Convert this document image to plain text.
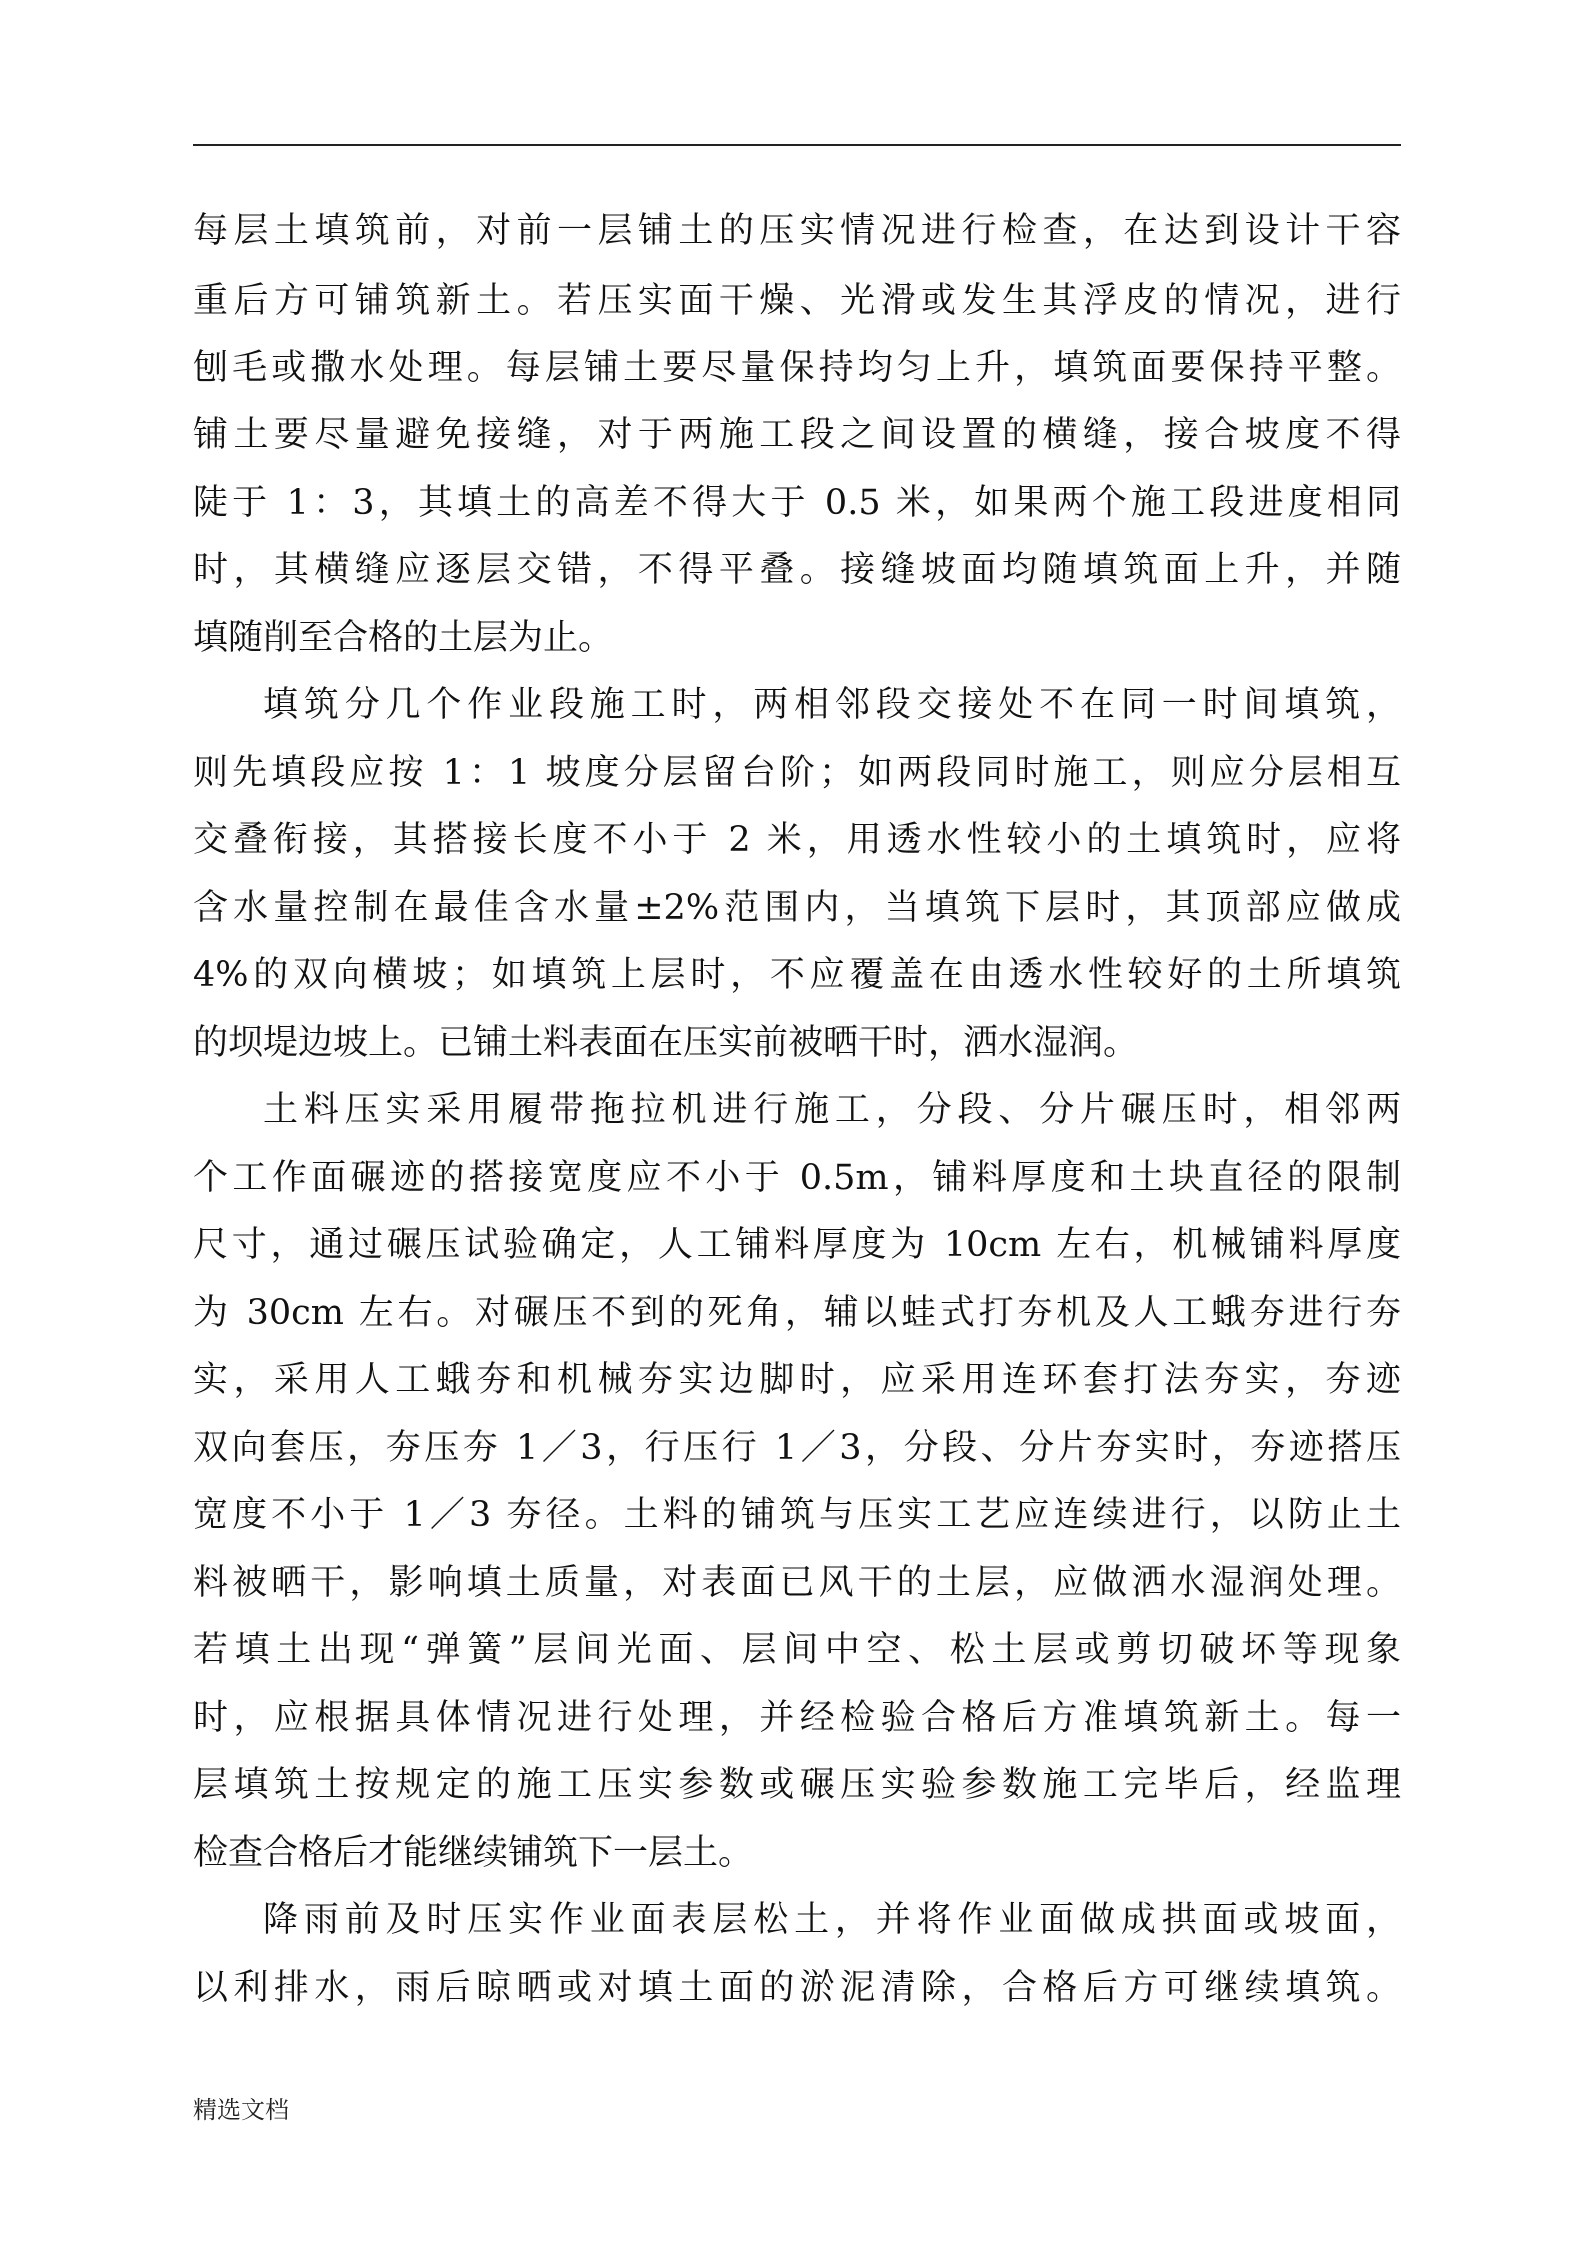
每层土填筑前，对前一层铺土的压实情况进行检查，在达到设计干容
重后方可铺筑新土。若压实面干燥、光滑或发生其浮皮的情况，进行
刨毛或撒水处理。每层铺土要尽量保持均匀上升，填筑面要保持平整。
铺土要尽量避免接缝，对于两施工段之间设置的横缝，接合坡度不得
陡于 1：3，其填土的高差不得大于 0.5 米，如果两个施工段进度相同
时，其横缝应逐层交错，不得平叠。接缝坡面均随填筑面上升，并随
填随削至合格的土层为止。
填筑分几个作业段施工时，两相邻段交接处不在同一时间填筑，
则先填段应按 1：1 坡度分层留台阶；如两段同时施工，则应分层相互
交叠衔接，其搭接长度不小于 2 米，用透水性较小的土填筑时，应将
含水量控制在最佳含水量±2%范围内，当填筑下层时，其顶部应做成
4%的双向横坡；如填筑上层时，不应覆盖在由透水性较好的土所填筑
的坝堤边坡上。已铺土料表面在压实前被晒干时，洒水湿润。
土料压实采用履带拖拉机进行施工，分段、分片碾压时，相邻两
个工作面碾迹的搭接宽度应不小于 0.5m，铺料厚度和土块直径的限制
尺寸，通过碾压试验确定，人工铺料厚度为 10cm 左右，机械铺料厚度
为 30cm 左右。对碾压不到的死角，辅以蛙式打夯机及人工蛾夯进行夯
实，采用人工蛾夯和机械夯实边脚时，应采用连环套打法夯实，夯迹
双向套压，夯压夯 1／3，行压行 1／3，分段、分片夯实时，夯迹搭压
宽度不小于 1／3 夯径。土料的铺筑与压实工艺应连续进行，以防止土
料被晒干，影响填土质量，对表面已风干的土层，应做洒水湿润处理。
若填土出现“弹簧”层间光面、层间中空、松土层或剪切破坏等现象
时，应根据具体情况进行处理，并经检验合格后方准填筑新土。每一
层填筑土按规定的施工压实参数或碾压实验参数施工完毕后，经监理
检查合格后才能继续铺筑下一层土。
降雨前及时压实作业面表层松土，并将作业面做成拱面或坡面，
以利排水，雨后晾晒或对填土面的淤泥清除，合格后方可继续填筑。
精选文档
